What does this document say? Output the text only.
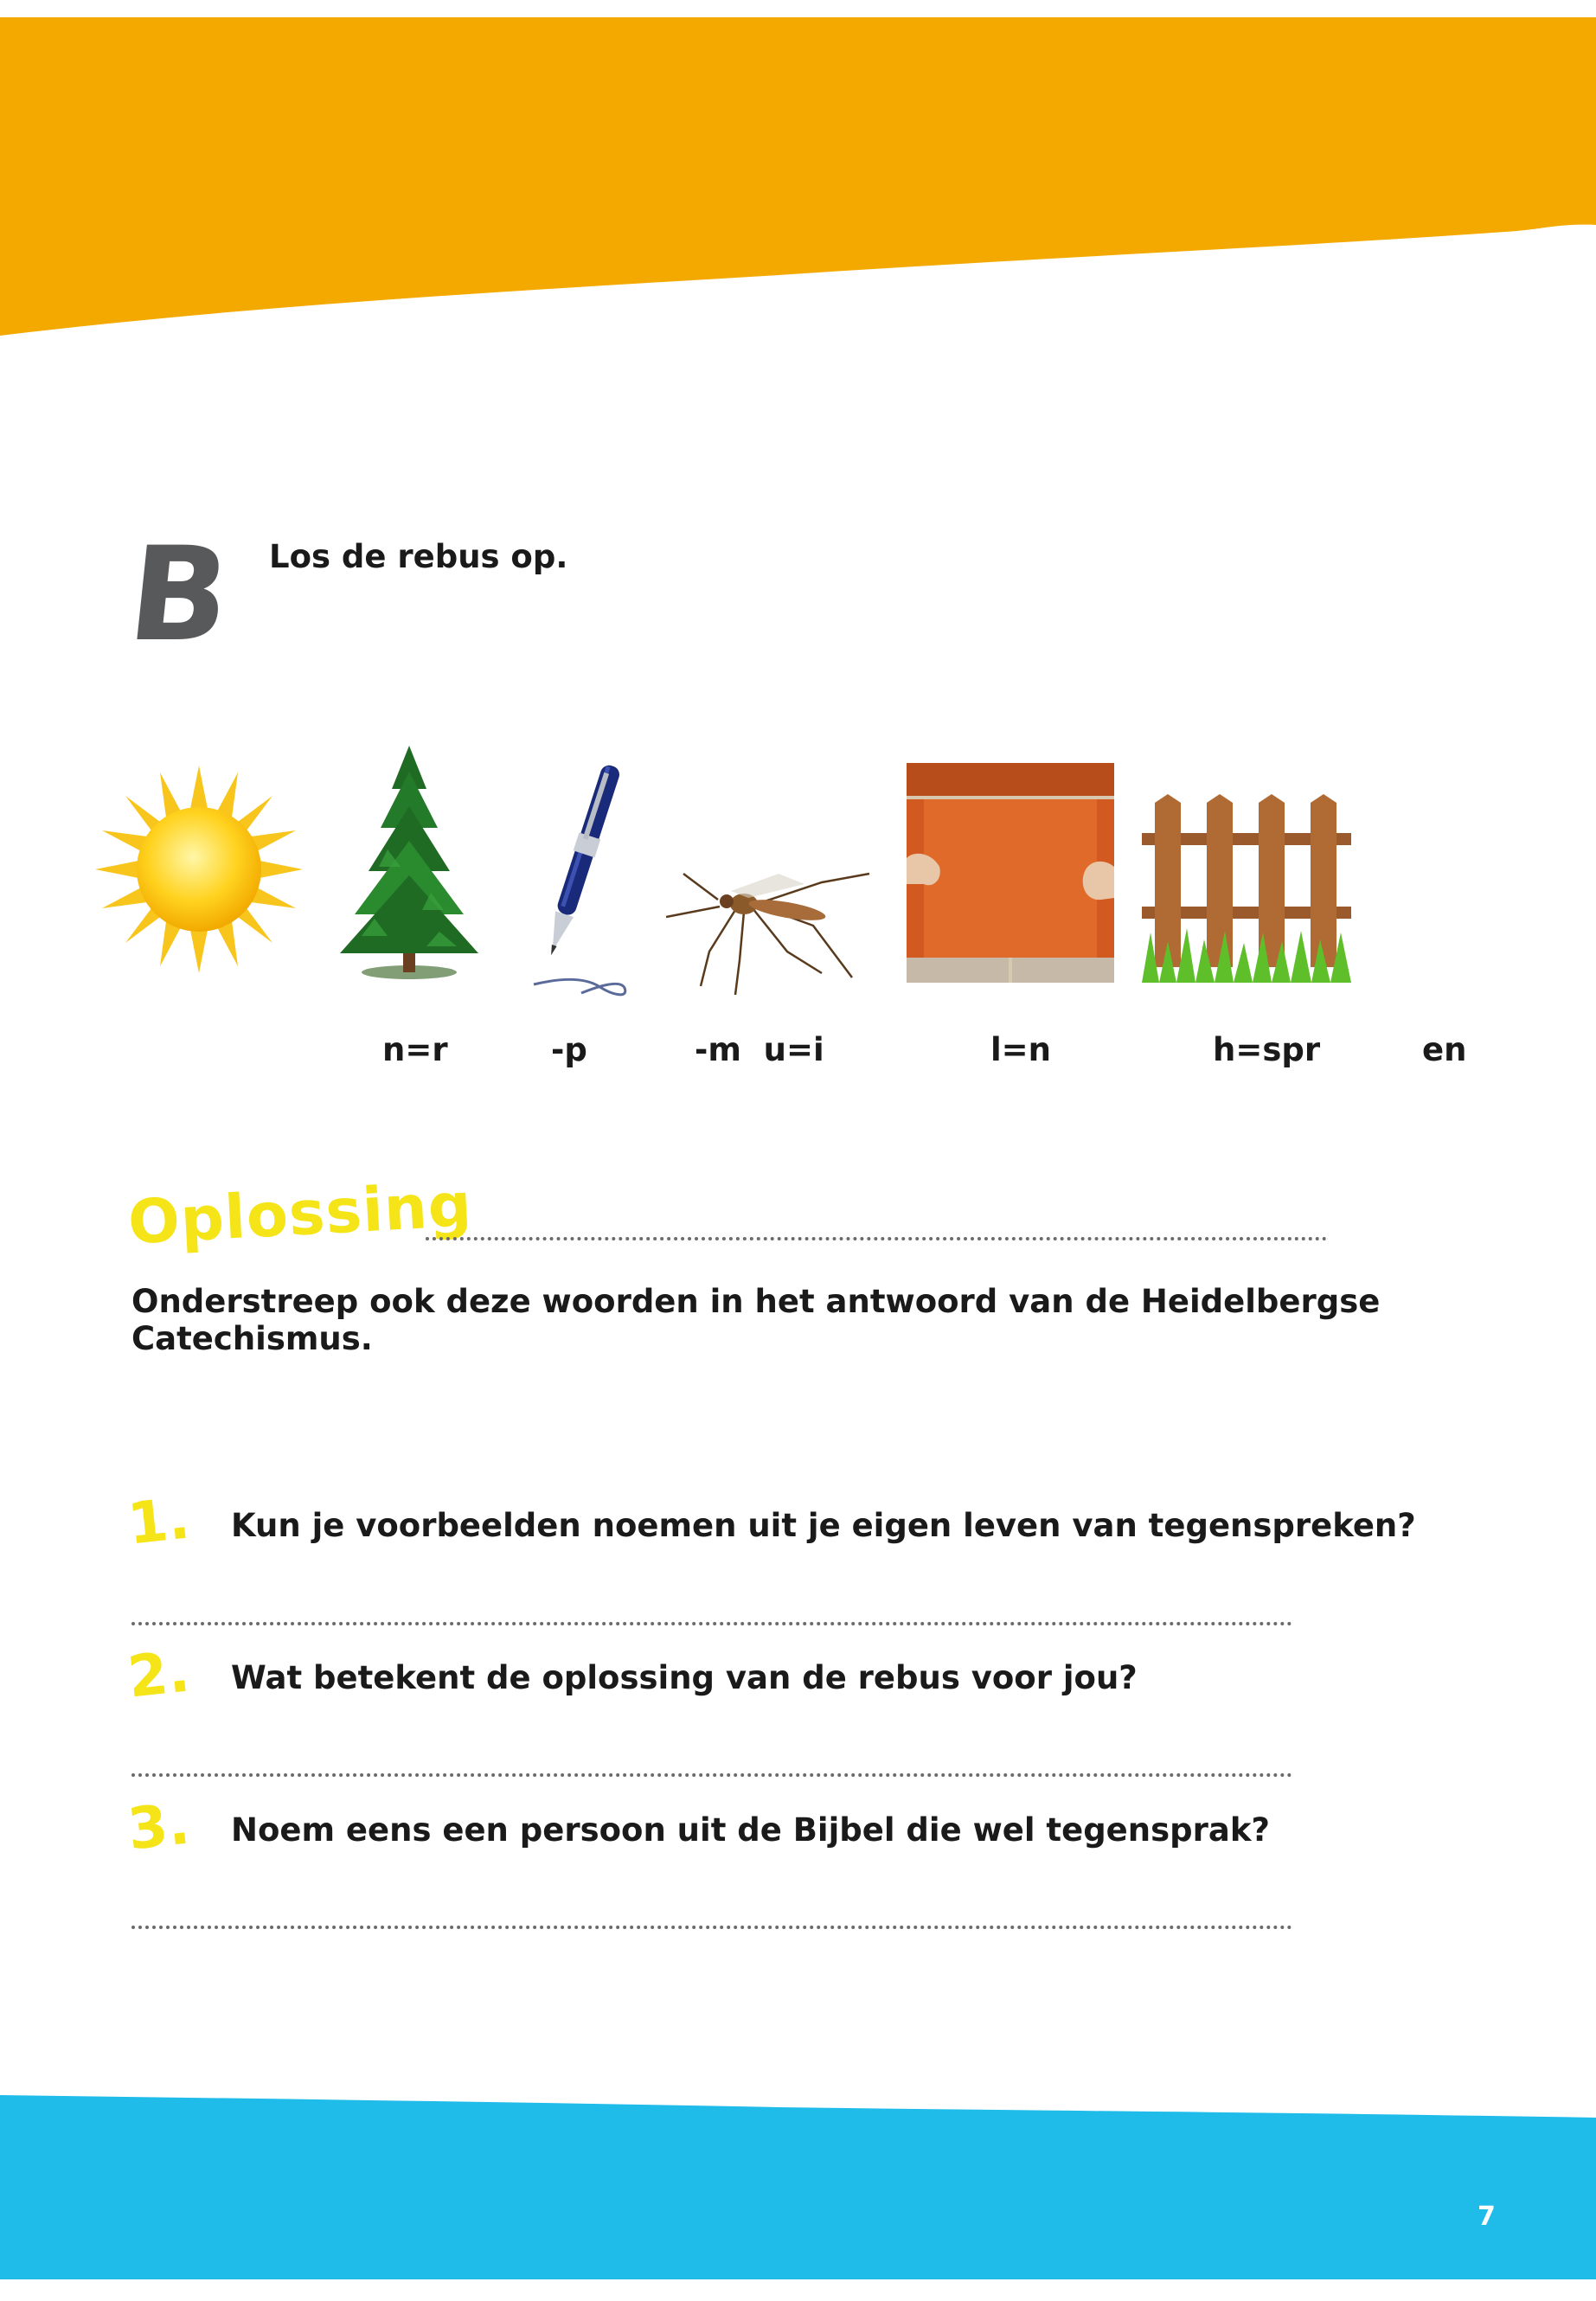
B Los de rebus op.
n=r	-p	-m  u=i	l=n	h=spr	en
Oplossing
Onderstreep ook deze woorden in het antwoord van de Heidelbergse Catechismus.
1. Kun je voorbeelden noemen uit je eigen leven van tegenspreken?
2. Wat betekent de oplossing van de rebus voor jou?
3. Noem eens een persoon uit de Bijbel die wel tegensprak?
7
